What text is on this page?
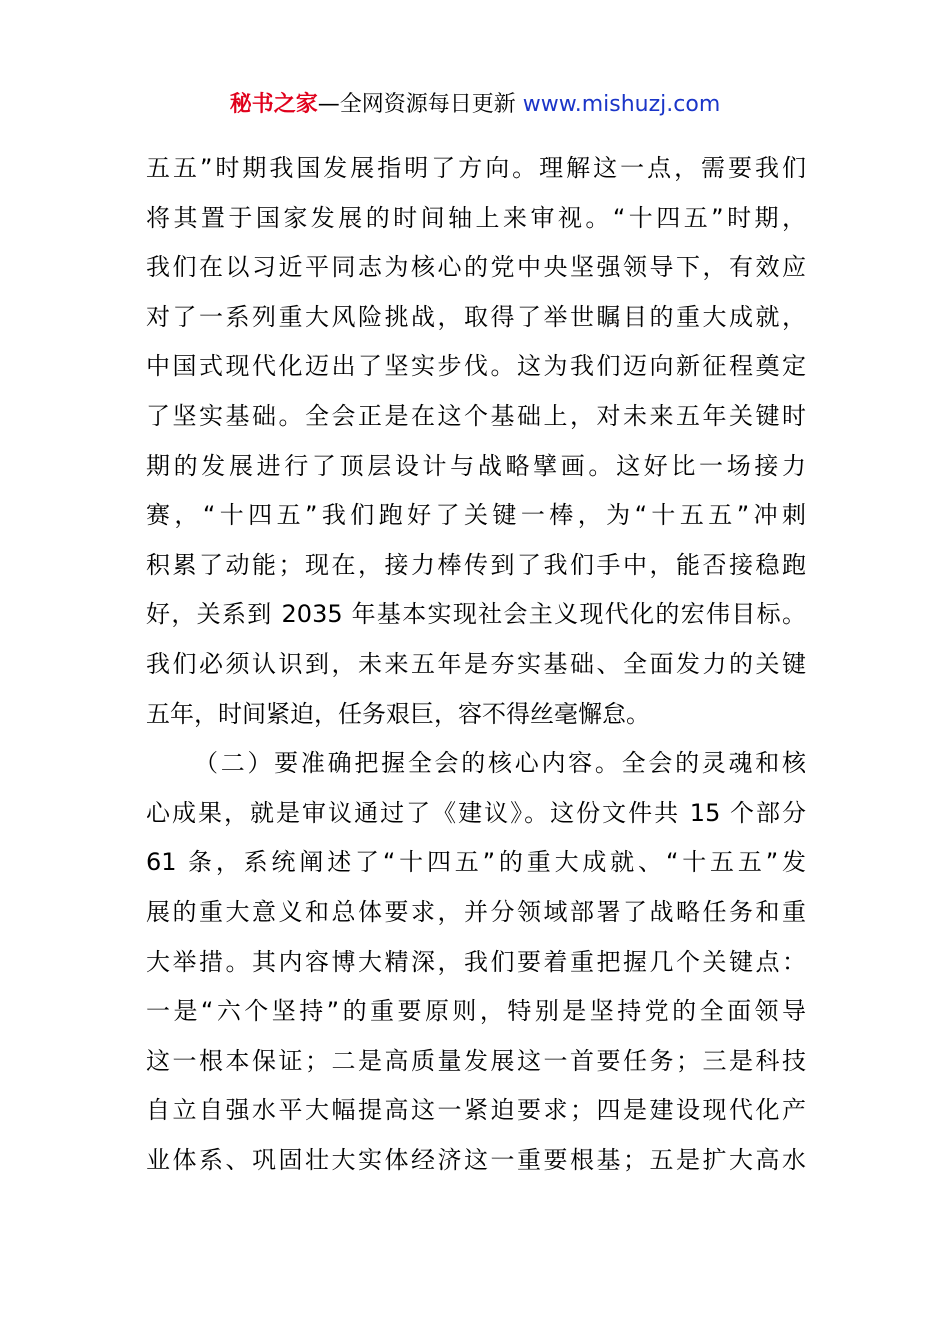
秘书之家—全网资源每日更新 www.mishuzj.com
五五”时期我国发展指明了方向。理解这一点，需要我们
将其置于国家发展的时间轴上来审视。“十四五”时期，
我们在以习近平同志为核心的党中央坚强领导下，有效应
对了一系列重大风险挑战，取得了举世瞩目的重大成就，
中国式现代化迈出了坚实步伐。这为我们迈向新征程奠定
了坚实基础。全会正是在这个基础上，对未来五年关键时
期的发展进行了顶层设计与战略擘画。这好比一场接力
赛，“十四五”我们跑好了关键一棒，为“十五五”冲刺
积累了动能；现在，接力棒传到了我们手中，能否接稳跑
好，关系到 2035 年基本实现社会主义现代化的宏伟目标。
我们必须认识到，未来五年是夯实基础、全面发力的关键
五年，时间紧迫，任务艰巨，容不得丝毫懈怠。
（二）要准确把握全会的核心内容。全会的灵魂和核
心成果，就是审议通过了《建议》。这份文件共 15 个部分
61 条，系统阐述了“十四五”的重大成就、“十五五”发
展的重大意义和总体要求，并分领域部署了战略任务和重
大举措。其内容博大精深，我们要着重把握几个关键点：
一是“六个坚持”的重要原则，特别是坚持党的全面领导
这一根本保证；二是高质量发展这一首要任务；三是科技
自立自强水平大幅提高这一紧迫要求；四是建设现代化产
业体系、巩固壮大实体经济这一重要根基；五是扩大高水
